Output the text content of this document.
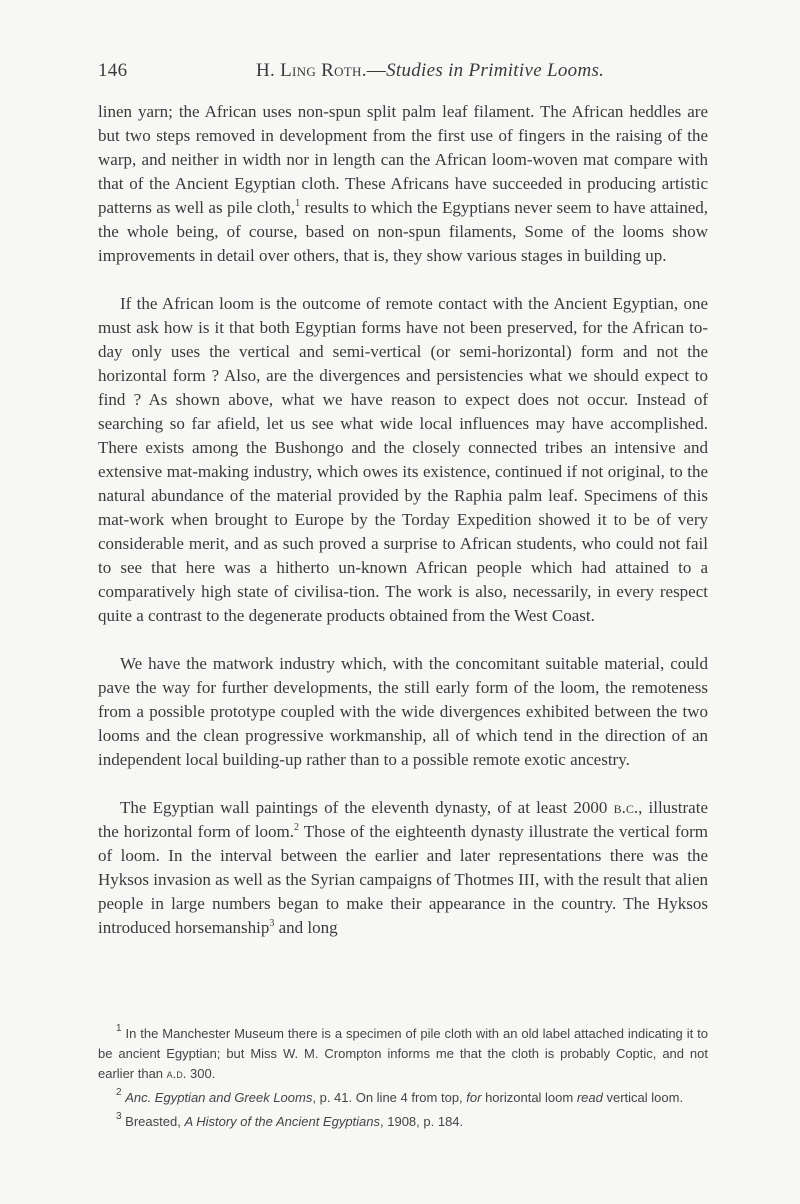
146	H. Ling Roth.—Studies in Primitive Looms.

linen yarn; the African uses non-spun split palm leaf filament. The African heddles are but two steps removed in development from the first use of fingers in the raising of the warp, and neither in width nor in length can the African loom-woven mat compare with that of the Ancient Egyptian cloth. These Africans have succeeded in producing artistic patterns as well as pile cloth,$^1$ results to which the Egyptians never seem to have attained, the whole being, of course, based on non-spun filaments, Some of the looms show improvements in detail over others, that is, they show various stages in building up.

If the African loom is the outcome of remote contact with the Ancient Egyptian, one must ask how is it that both Egyptian forms have not been preserved, for the African to-day only uses the vertical and semi-vertical (or semi-horizontal) form and not the horizontal form ? Also, are the divergences and persistencies what we should expect to find ? As shown above, what we have reason to expect does not occur. Instead of searching so far afield, let us see what wide local influences may have accomplished. There exists among the Bushongo and the closely connected tribes an intensive and extensive mat-making industry, which owes its existence, continued if not original, to the natural abundance of the material provided by the Raphia palm leaf. Specimens of this mat-work when brought to Europe by the Torday Expedition showed it to be of very considerable merit, and as such proved a surprise to African students, who could not fail to see that here was a hitherto un-known African people which had attained to a comparatively high state of civilisa-tion. The work is also, necessarily, in every respect quite a contrast to the degenerate products obtained from the West Coast.

We have the matwork industry which, with the concomitant suitable material, could pave the way for further developments, the still early form of the loom, the remoteness from a possible prototype coupled with the wide divergences exhibited between the two looms and the clean progressive workmanship, all of which tend in the direction of an independent local building-up rather than to a possible remote exotic ancestry.

The Egyptian wall paintings of the eleventh dynasty, of at least 2000 b.c., illustrate the horizontal form of loom.$^2$ Those of the eighteenth dynasty illustrate the vertical form of loom. In the interval between the earlier and later representations there was the Hyksos invasion as well as the Syrian campaigns of Thotmes III, with the result that alien people in large numbers began to make their appearance in the country. The Hyksos introduced horsemanship$^3$ and long

$^1$ In the Manchester Museum there is a specimen of pile cloth with an old label attached indicating it to be ancient Egyptian; but Miss W. M. Crompton informs me that the cloth is probably Coptic, and not earlier than a.d. 300.

$^2$ Anc. Egyptian and Greek Looms, p. 41. On line 4 from top, for horizontal loom read vertical loom.

$^3$ Breasted, A History of the Ancient Egyptians, 1908, p. 184.
